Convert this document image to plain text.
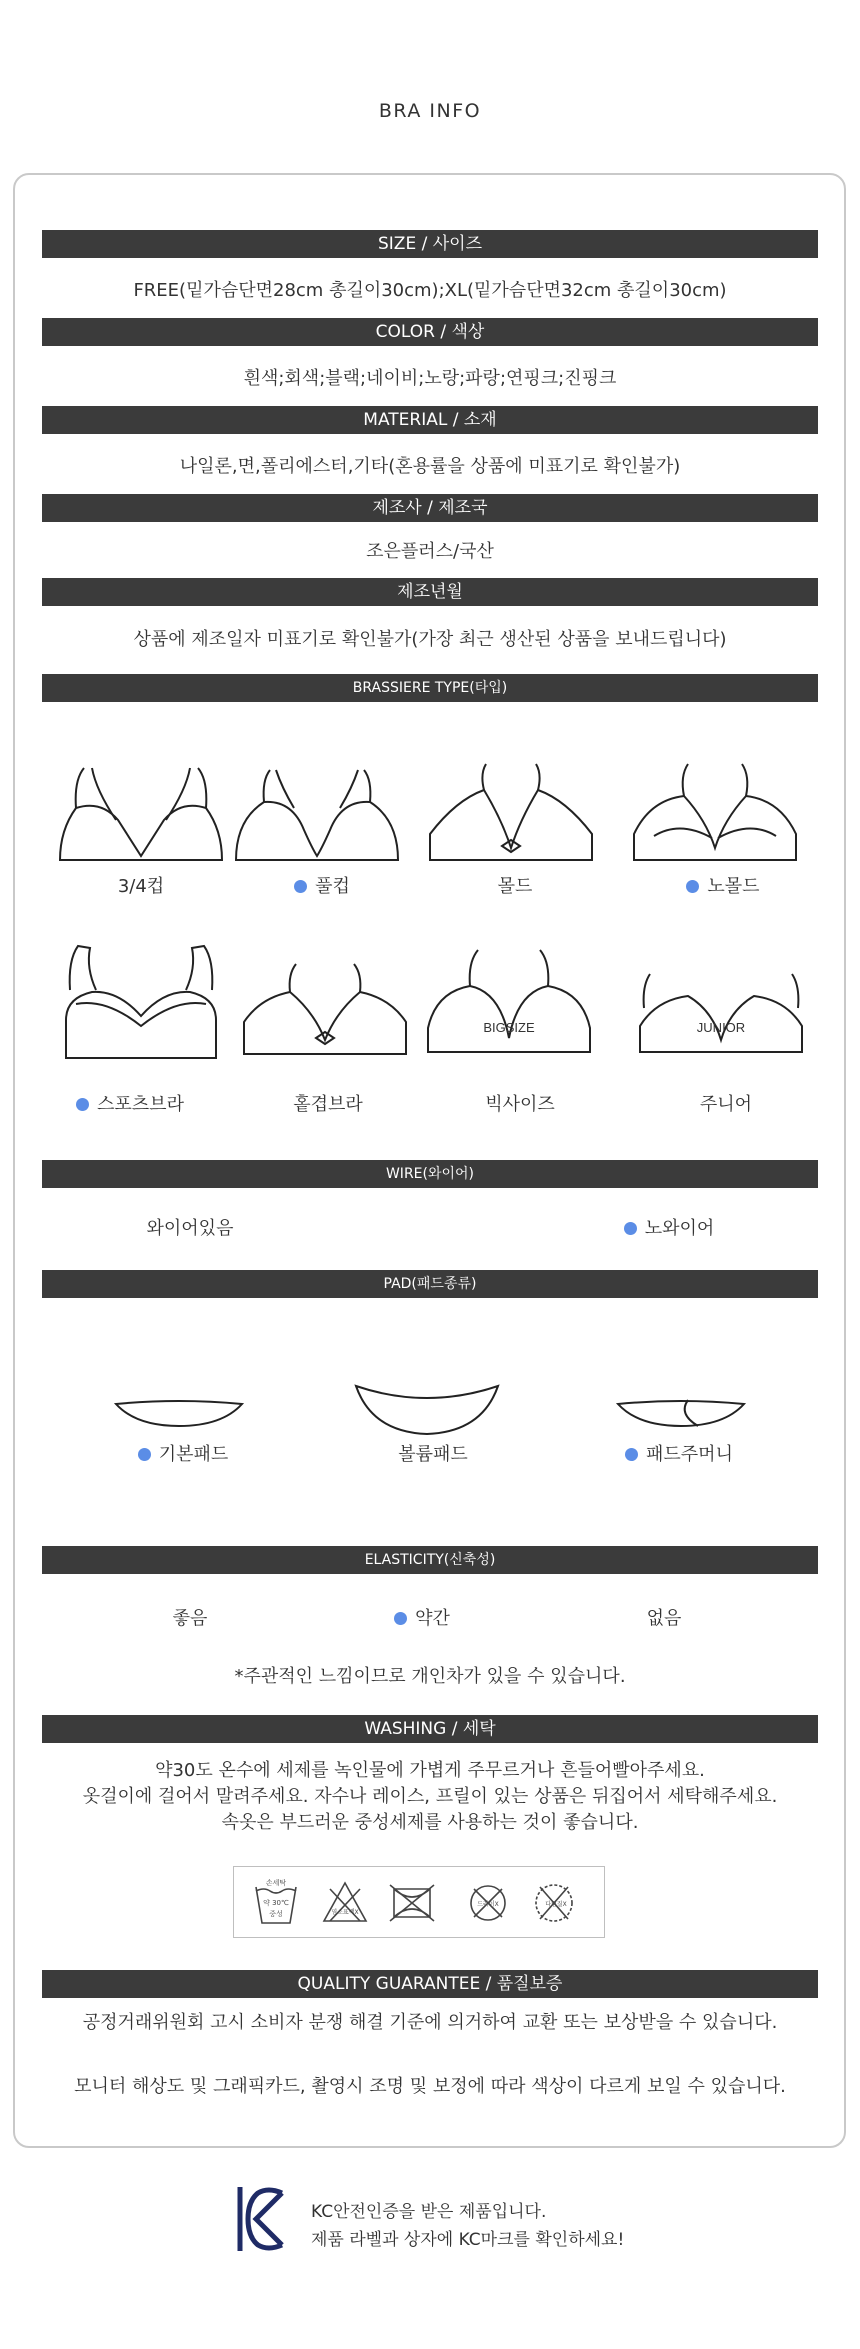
BRA INFO
SIZE / 사이즈
FREE(밑가슴단면28cm 총길이30cm);XL(밑가슴단면32cm 총길이30cm)
COLOR / 색상
흰색;회색;블랙;네이비;노랑;파랑;연핑크;진핑크
MATERIAL / 소재
나일론,면,폴리에스터,기타(혼용률을 상품에 미표기로 확인불가)
제조사 / 제조국
조은플러스/국산
제조년월
상품에 제조일자 미표기로 확인불가(가장 최근 생산된 상품을 보내드립니다)
BRASSIERE TYPE(타입)
3/4컵	풀컵	몰드	노몰드
BIGSIZE	JUNIOR
스포츠브라	홑겹브라	빅사이즈	주니어
WIRE(와이어)
와이어있음	노와이어
PAD(패드종류)
기본패드	볼륨패드	패드주머니
ELASTICITY(신축성)
좋음	약간	없음
*주관적인 느낌이므로 개인차가 있을 수 있습니다.
WASHING / 세탁
약30도 온수에 세제를 녹인물에 가볍게 주무르거나 흔들어빨아주세요.
옷걸이에 걸어서 말려주세요. 자수나 레이스, 프릴이 있는 상품은 뒤집어서 세탁해주세요.
속옷은 부드러운 중성세제를 사용하는 것이 좋습니다.
손세탁
약 30℃
중성	염소표백X
드라이X	다림질X
QUALITY GUARANTEE / 품질보증
공정거래위원회 고시 소비자 분쟁 해결 기준에 의거하여 교환 또는 보상받을 수 있습니다.
모니터 해상도 및 그래픽카드, 촬영시 조명 및 보정에 따라 색상이 다르게 보일 수 있습니다.
KC
KC안전인증을 받은 제품입니다.
제품 라벨과 상자에 KC마크를 확인하세요!
